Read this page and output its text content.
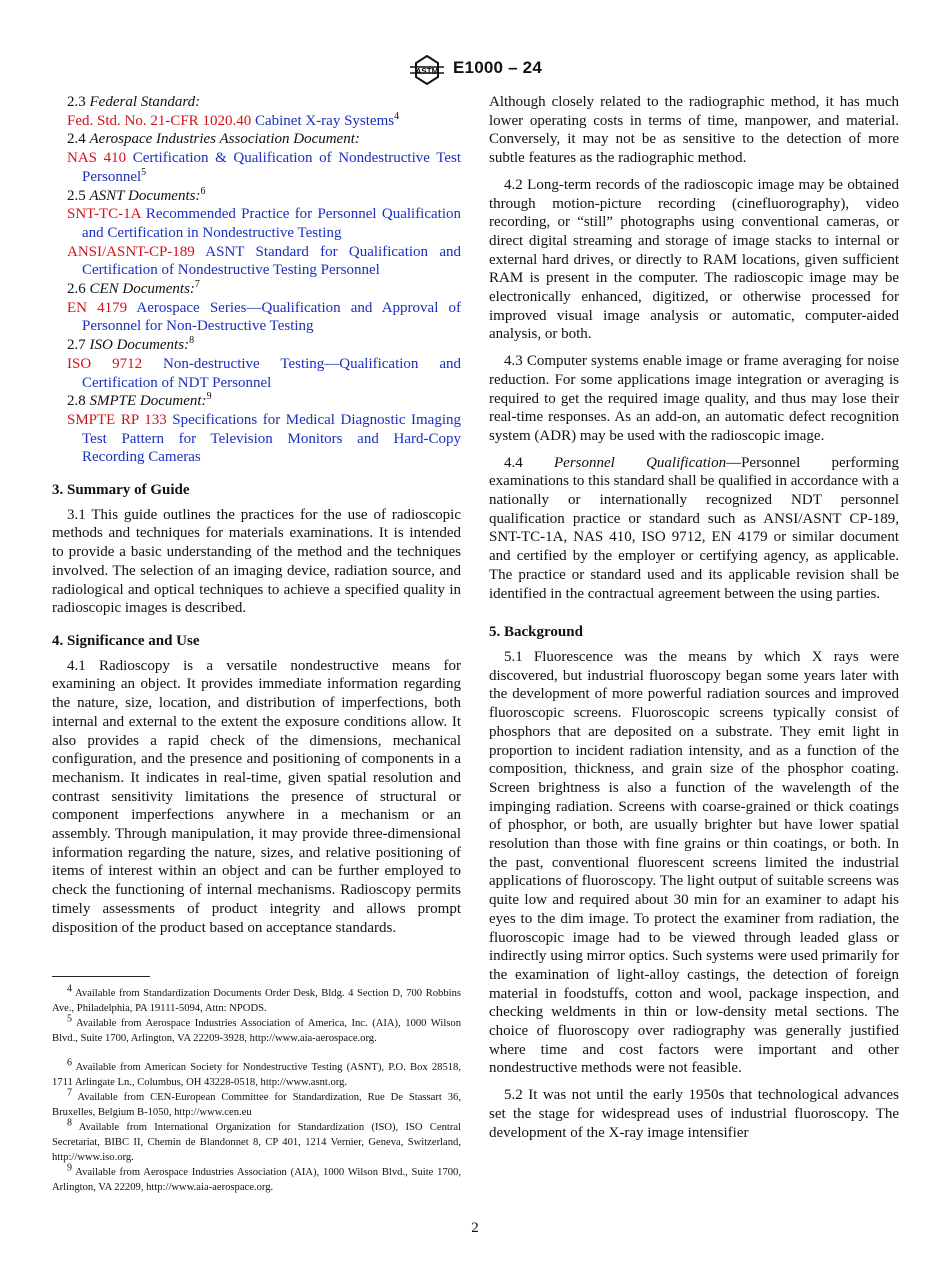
ASTM E1000 – 24
2.3 Federal Standard:
Fed. Std. No. 21-CFR 1020.40 Cabinet X-ray Systems$^4$
2.4 Aerospace Industries Association Document:
NAS 410 Certification & Qualification of Nondestructive Test Personnel$^5$
2.5 ASNT Documents:$^6$
SNT-TC-1A Recommended Practice for Personnel Qualification and Certification in Nondestructive Testing
ANSI/ASNT-CP-189 ASNT Standard for Qualification and Certification of Nondestructive Testing Personnel
2.6 CEN Documents:$^7$
EN 4179 Aerospace Series—Qualification and Approval of Personnel for Non-Destructive Testing
2.7 ISO Documents:$^8$
ISO 9712 Non-destructive Testing—Qualification and Certification of NDT Personnel
2.8 SMPTE Document:$^9$
SMPTE RP 133 Specifications for Medical Diagnostic Imaging Test Pattern for Television Monitors and Hard-Copy Recording Cameras
3. Summary of Guide

3.1 This guide outlines the practices for the use of radioscopic methods and techniques for materials examinations. It is intended to provide a basic understanding of the method and the techniques involved. The selection of an imaging device, radiation source, and radiological and optical techniques to achieve a specified quality in radioscopic images is described.

4. Significance and Use

4.1 Radioscopy is a versatile nondestructive means for examining an object. It provides immediate information regarding the nature, size, location, and distribution of imperfections, both internal and external to the extent the exposure conditions allow. It also provides a rapid check of the dimensions, mechanical configuration, and the presence and positioning of components in a mechanism. It indicates in real-time, given spatial resolution and contrast sensitivity limitations the presence of structural or component imperfections anywhere in a mechanism or an assembly. Through manipulation, it may provide three-dimensional information regarding the nature, sizes, and relative positioning of items of interest within an object and can be further employed to check the functioning of internal mechanisms. Radioscopy permits timely assessments of product integrity and allows prompt disposition of the product based on acceptance standards.

$^4$ Available from Standardization Documents Order Desk, Bldg. 4 Section D, 700 Robbins Ave., Philadelphia, PA 19111-5094, Attn: NPODS.
$^5$ Available from Aerospace Industries Association of America, Inc. (AIA), 1000 Wilson Blvd., Suite 1700, Arlington, VA 22209-3928, http://www.aia-aerospace.org.
$^6$ Available from American Society for Nondestructive Testing (ASNT), P.O. Box 28518, 1711 Arlingate Ln., Columbus, OH 43228-0518, http://www.asnt.org.
$^7$ Available from CEN-European Committee for Standardization, Rue De Stassart 36, Bruxelles, Belgium B-1050, http://www.cen.eu
$^8$ Available from International Organization for Standardization (ISO), ISO Central Secretariat, BIBC II, Chemin de Blandonnet 8, CP 401, 1214 Vernier, Geneva, Switzerland, http://www.iso.org.
$^9$ Available from Aerospace Industries Association (AIA), 1000 Wilson Blvd., Suite 1700, Arlington, VA 22209, http://www.aia-aerospace.org.

Although closely related to the radiographic method, it has much lower operating costs in terms of time, manpower, and material. Conversely, it may not be as sensitive to the detection of more subtle features as the radiographic method.

4.2 Long-term records of the radioscopic image may be obtained through motion-picture recording (cinefluorography), video recording, or “still” photographs using conventional cameras, or direct digital streaming and storage of image stacks to internal or external hard drives, or directly to RAM locations, given sufficient RAM is present in the computer. The radioscopic image may be electronically enhanced, digitized, or otherwise processed for improved visual image analysis or automatic, computer-aided analysis, or both.

4.3 Computer systems enable image or frame averaging for noise reduction. For some applications image integration or averaging is required to get the required image quality, and thus may lose their real-time responses. As an add-on, an automatic defect recognition system (ADR) may be used with the radioscopic image.

4.4 Personnel Qualification—Personnel performing examinations to this standard shall be qualified in accordance with a nationally or internationally recognized NDT personnel qualification practice or standard such as ANSI/ASNT CP-189, SNT-TC-1A, NAS 410, ISO 9712, EN 4179 or similar document and certified by the employer or certifying agency, as applicable. The practice or standard used and its applicable revision shall be identified in the contractual agreement between the using parties.

5. Background

5.1 Fluorescence was the means by which X rays were discovered, but industrial fluoroscopy began some years later with the development of more powerful radiation sources and improved fluoroscopic screens. Fluoroscopic screens typically consist of phosphors that are deposited on a substrate. They emit light in proportion to incident radiation intensity, and as a function of the composition, thickness, and grain size of the phosphor coating. Screen brightness is also a function of the wavelength of the impinging radiation. Screens with coarse-grained or thick coatings of phosphor, or both, are usually brighter but have lower spatial resolution than those with fine grains or thin coatings, or both. In the past, conventional fluorescent screens limited the industrial applications of fluoroscopy. The light output of suitable screens was quite low and required about 30 min for an examiner to adapt his eyes to the dim image. To protect the examiner from radiation, the fluoroscopic image had to be viewed through leaded glass or indirectly using mirror optics. Such systems were used primarily for the examination of light-alloy castings, the detection of foreign material in foodstuffs, cotton and wool, package inspection, and checking weldments in thin or low-density metal sections. The choice of fluoroscopy over radiography was generally justified where time and cost factors were important and other nondestructive methods were not feasible.

5.2 It was not until the early 1950s that technological advances set the stage for widespread uses of industrial fluoroscopy. The development of the X-ray image intensifier

2
